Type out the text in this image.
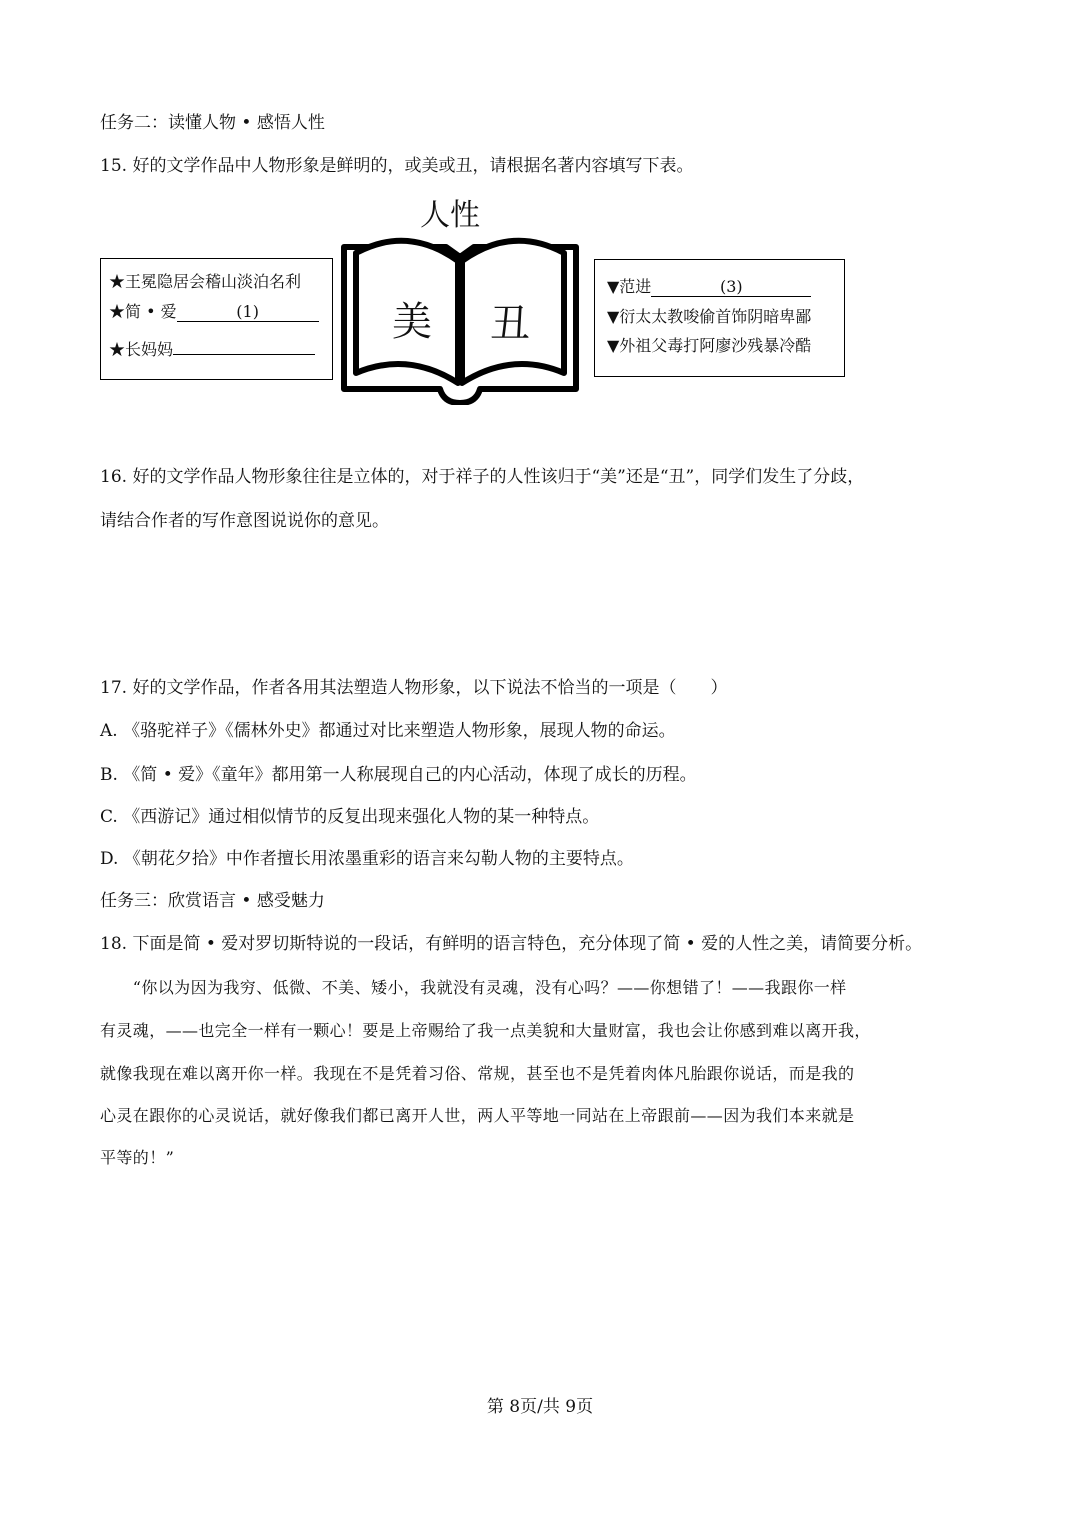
任务二：读懂人物 • 感悟人性
15. 好的文学作品中人物形象是鲜明的，或美或丑，请根据名著内容填写下表。
人性
★王冕隐居会稽山淡泊名利
★简 • 爱	(1)
★长妈妈
美 丑
▼范进	(3)
▼衍太太教唆偷首饰阴暗卑鄙
▼外祖父毒打阿廖沙残暴冷酷
16. 好的文学作品人物形象往往是立体的，对于祥子的人性该归于“美”还是“丑”，同学们发生了分歧，
请结合作者的写作意图说说你的意见。
17. 好的文学作品，作者各用其法塑造人物形象，以下说法不恰当的一项是（　　）
A. 《骆驼祥子》《儒林外史》都通过对比来塑造人物形象，展现人物的命运。
B. 《简 • 爱》《童年》都用第一人称展现自己的内心活动，体现了成长的历程。
C. 《西游记》通过相似情节的反复出现来强化人物的某一种特点。
D. 《朝花夕拾》中作者擅长用浓墨重彩的语言来勾勒人物的主要特点。
任务三：欣赏语言 • 感受魅力
18. 下面是简 • 爱对罗切斯特说的一段话，有鲜明的语言特色，充分体现了简 • 爱的人性之美，请简要分析。
　　“你以为因为我穷、低微、不美、矮小，我就没有灵魂，没有心吗？——你想错了！——我跟你一样
有灵魂，——也完全一样有一颗心！要是上帝赐给了我一点美貌和大量财富，我也会让你感到难以离开我，
就像我现在难以离开你一样。我现在不是凭着习俗、常规，甚至也不是凭着肉体凡胎跟你说话，而是我的
心灵在跟你的心灵说话，就好像我们都已离开人世，两人平等地一同站在上帝跟前——因为我们本来就是
平等的！”
第 8页/共 9页
